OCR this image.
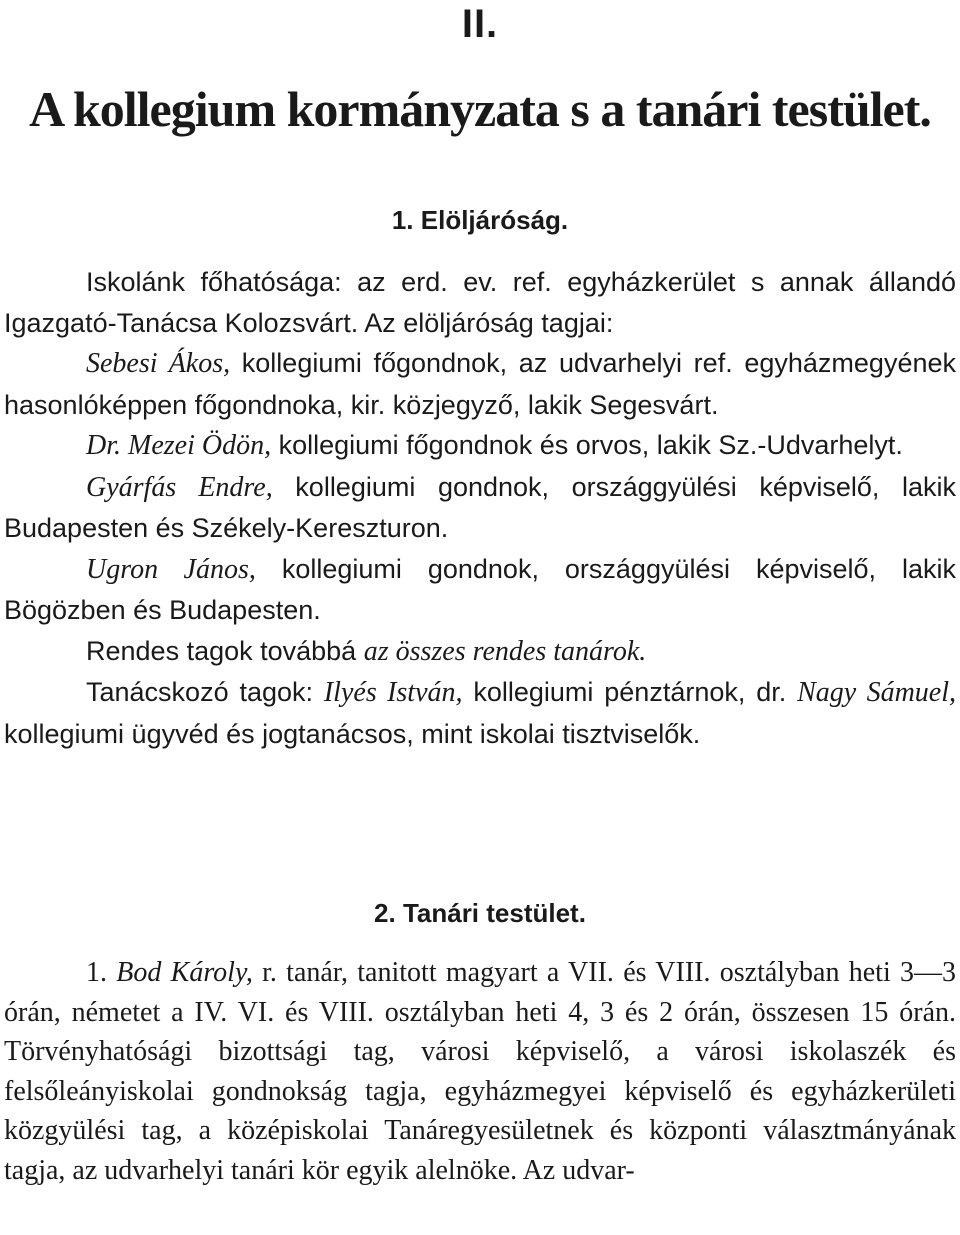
II.
A kollegium kormányzata s a tanári testület.
1. Elöljáróság.

Iskolánk főhatósága: az erd. ev. ref. egyházkerület s annak állandó Igazgató-Tanácsa Kolozsvárt. Az elöljáróság tagjai:

Sebesi Ákos, kollegiumi főgondnok, az udvarhelyi ref. egyházmegyének hasonlóképpen főgondnoka, kir. közjegyző, lakik Segesvárt.

Dr. Mezei Ödön, kollegiumi főgondnok és orvos, lakik Sz.-Udvarhelyt.

Gyárfás Endre, kollegiumi gondnok, országgyülési képviselő, lakik Budapesten és Székely-Kereszturon.

Ugron János, kollegiumi gondnok, országgyülési képviselő, lakik Bögözben és Budapesten.

Rendes tagok továbbá az összes rendes tanárok.

Tanácskozó tagok: Ilyés István, kollegiumi pénztárnok, dr. Nagy Sámuel, kollegiumi ügyvéd és jogtanácsos, mint iskolai tisztviselők.

2. Tanári testület.

1. Bod Károly, r. tanár, tanitott magyart a VII. és VIII. osztályban heti 3—3 órán, németet a IV. VI. és VIII. osztályban heti 4, 3 és 2 órán, összesen 15 órán. Törvényhatósági bizottsági tag, városi képviselő, a városi iskolaszék és felsőleányiskolai gondnokság tagja, egyházmegyei képviselő és egyházkerületi közgyülési tag, a középiskolai Tanáregyesületnek és központi választmányának tagja, az udvarhelyi tanári kör egyik alelnöke. Az udvar-
